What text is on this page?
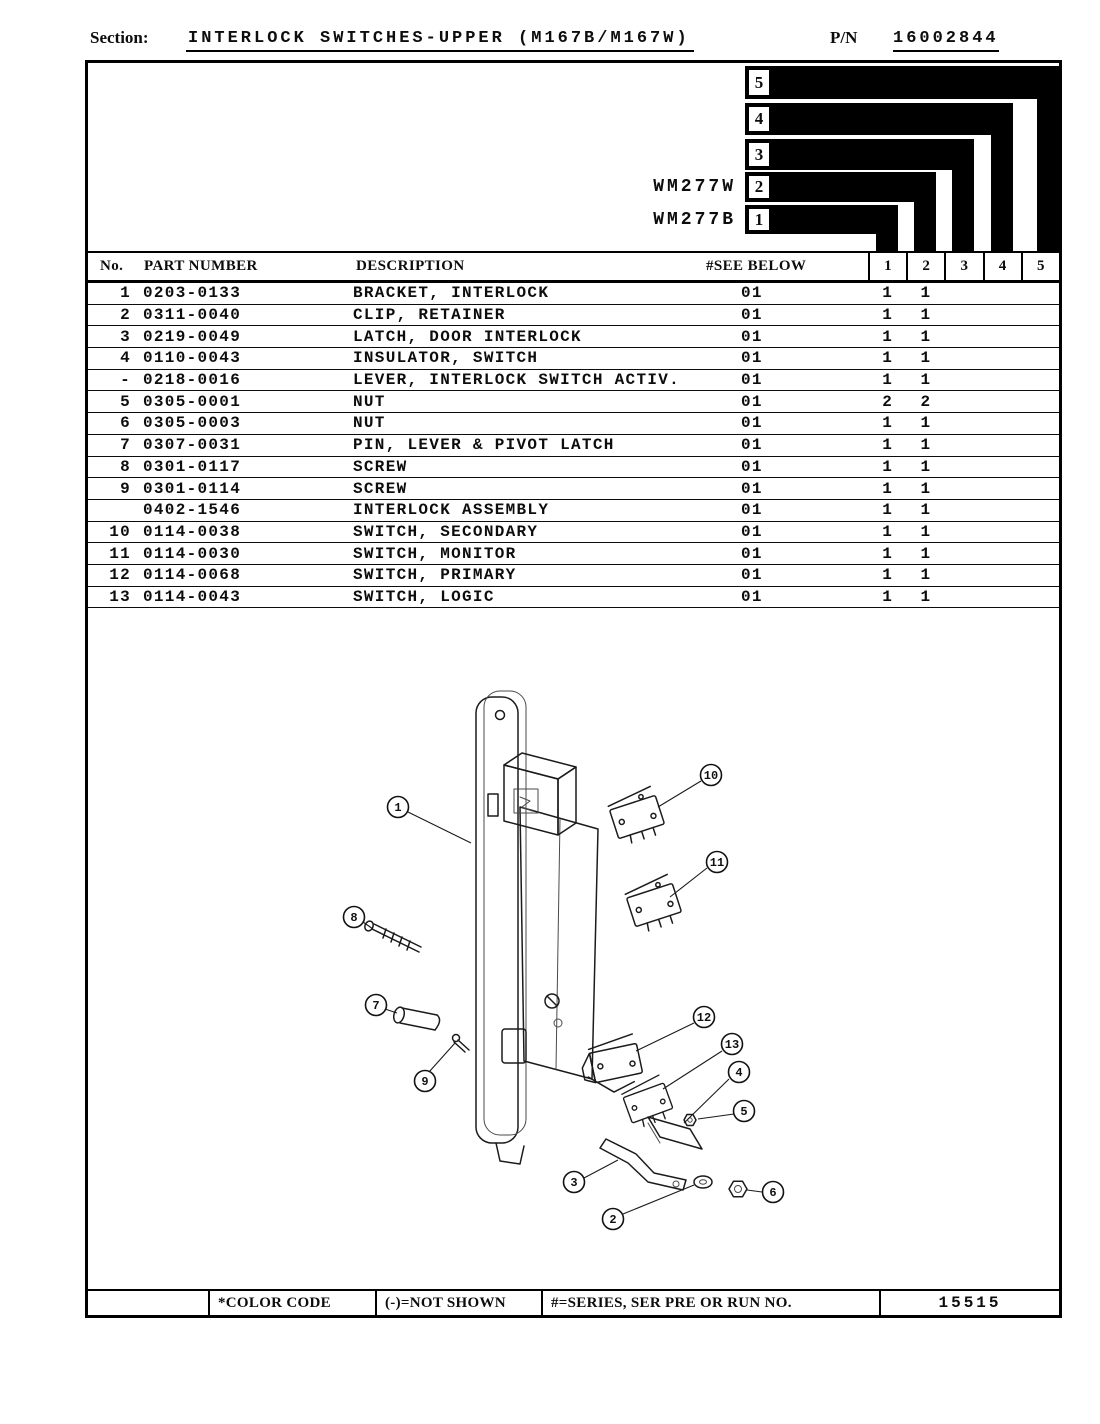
Section: INTERLOCK SWITCHES-UPPER (M167B/M167W)	P/N 16002844
5
4
3
2
1
WM277W
WM277B
No.	PART NUMBER	DESCRIPTION	#SEE BELOW	1	2	3	4	5
1 0203-0133	BRACKET, INTERLOCK	01	1	1
2 0311-0040	CLIP, RETAINER	01	1	1
3 0219-0049	LATCH, DOOR INTERLOCK	01	1	1
4 0110-0043	INSULATOR, SWITCH	01	1	1
- 0218-0016	LEVER, INTERLOCK SWITCH ACTIV.	01	1	1
5 0305-0001	NUT	01	2	2
6 0305-0003	NUT	01	1	1
7 0307-0031	PIN, LEVER & PIVOT LATCH	01	1	1
8 0301-0117	SCREW	01	1	1
9 0301-0114	SCREW	01	1	1
0402-1546	INTERLOCK ASSEMBLY	01	1	1
10 0114-0038	SWITCH, SECONDARY	01	1	1
11 0114-0030	SWITCH, MONITOR	01	1	1
12 0114-0068	SWITCH, PRIMARY	01	1	1
13 0114-0043	SWITCH, LOGIC	01	1	1
1
8
7
9
10
11
12
13
4
5
3
6
2
*COLOR CODE	(-)=NOT SHOWN	#=SERIES, SER PRE OR RUN NO.	15515
